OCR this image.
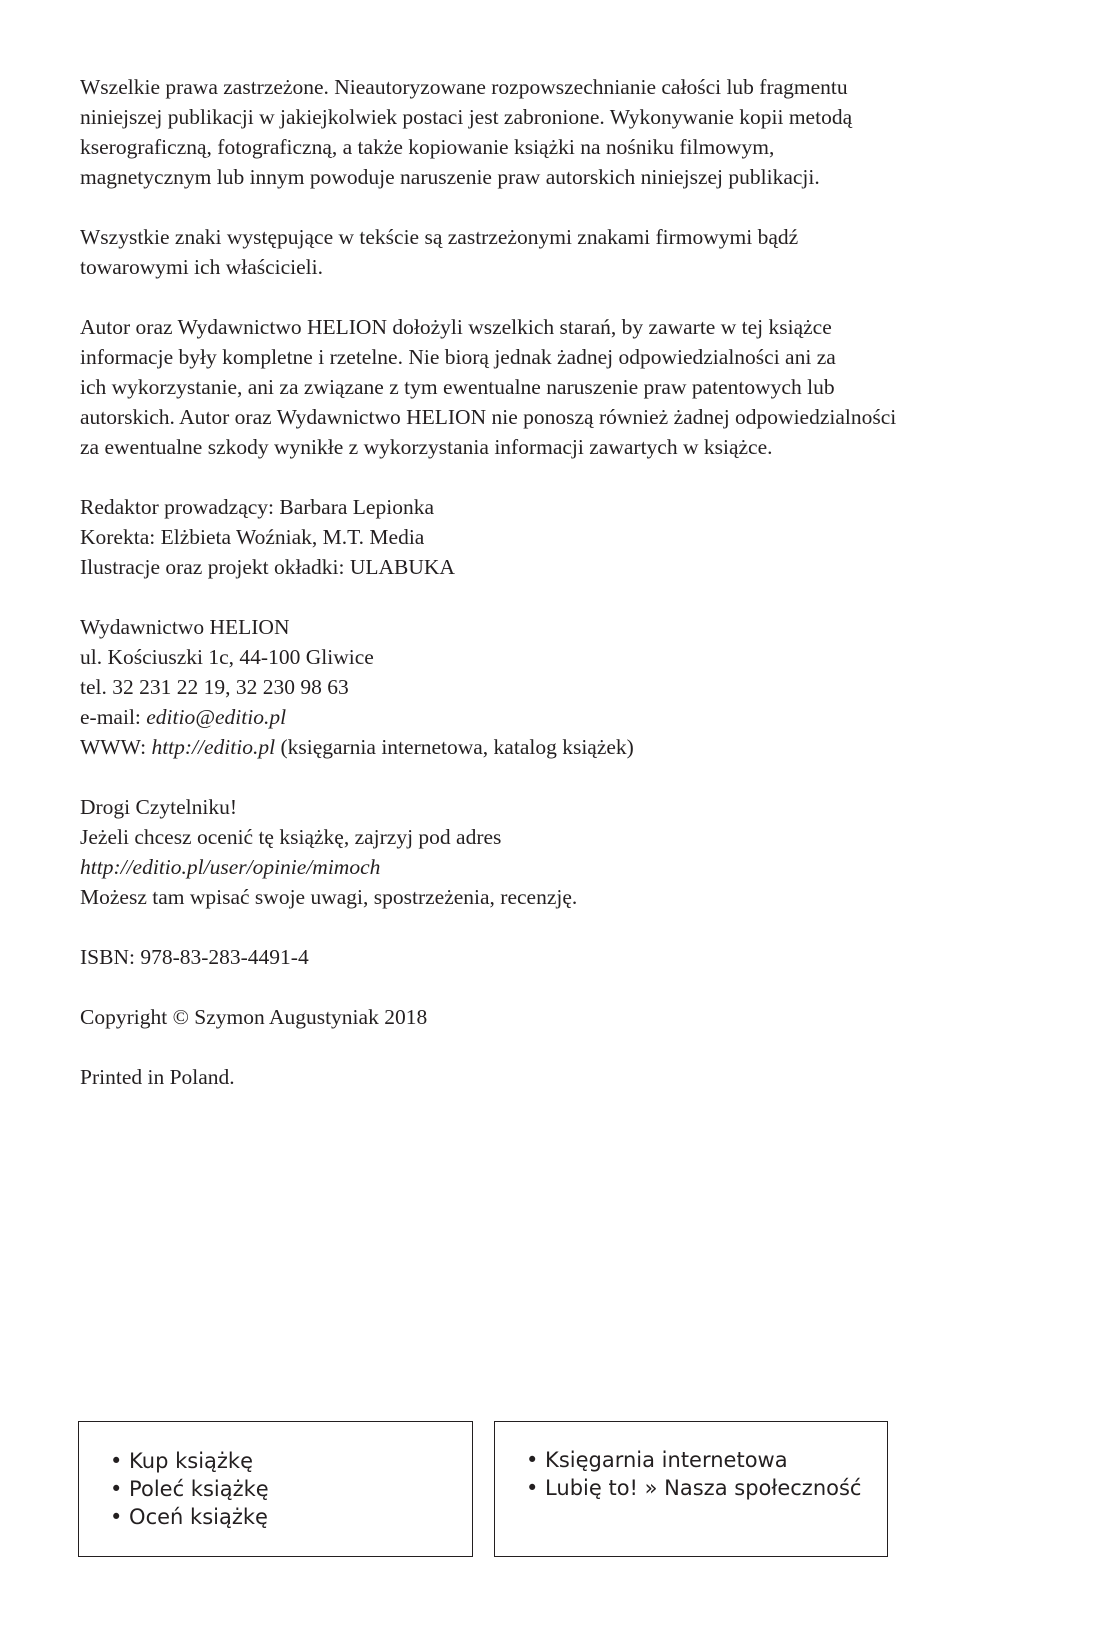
Wszelkie prawa zastrzeżone. Nieautoryzowane rozpowszechnianie całości lub fragmentu
niniejszej publikacji w jakiejkolwiek postaci jest zabronione. Wykonywanie kopii metodą
kserograficzną, fotograficzną, a także kopiowanie książki na nośniku filmowym,
magnetycznym lub innym powoduje naruszenie praw autorskich niniejszej publikacji.

Wszystkie znaki występujące w tekście są zastrzeżonymi znakami firmowymi bądź
towarowymi ich właścicieli.

Autor oraz Wydawnictwo HELION dołożyli wszelkich starań, by zawarte w tej książce
informacje były kompletne i rzetelne. Nie biorą jednak żadnej odpowiedzialności ani za
ich wykorzystanie, ani za związane z tym ewentualne naruszenie praw patentowych lub
autorskich. Autor oraz Wydawnictwo HELION nie ponoszą również żadnej odpowiedzialności
za ewentualne szkody wynikłe z wykorzystania informacji zawartych w książce.

Redaktor prowadzący: Barbara Lepionka
Korekta: Elżbieta Woźniak, M.T. Media
Ilustracje oraz projekt okładki: ULABUKA

Wydawnictwo HELION
ul. Kościuszki 1c, 44-100 Gliwice
tel. 32 231 22 19, 32 230 98 63
e-mail: editio@editio.pl
WWW: http://editio.pl (księgarnia internetowa, katalog książek)

Drogi Czytelniku!
Jeżeli chcesz ocenić tę książkę, zajrzyj pod adres
http://editio.pl/user/opinie/mimoch
Możesz tam wpisać swoje uwagi, spostrzeżenia, recenzję.

ISBN: 978-83-283-4491-4

Copyright © Szymon Augustyniak 2018

Printed in Poland.

• Kup książkę
• Poleć książkę
• Oceń książkę
• Księgarnia internetowa
• Lubię to! » Nasza społeczność
